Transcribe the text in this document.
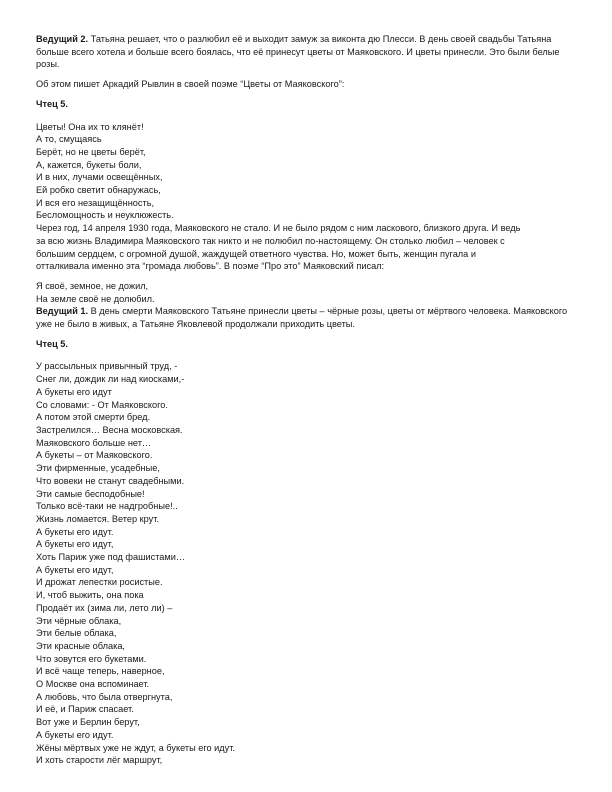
Ведущий 2. Татьяна решает, что о разлюбил её и выходит замуж за виконта дю Плесси. В день своей свадьбы Татьяна больше всего хотела и больше всего боялась, что её принесут цветы от Маяковского. И цветы принесли. Это были белые розы.

Об этом пишет Аркадий Рывлин в своей поэме “Цветы от Маяковского”:

Чтец 5.

Цветы! Она их то клянёт!
А то, смущаясь
Берёт, но не цветы берёт,
А, кажется, букеты боли,
И в них, лучами освещённых,
Ей робко светит обнаружась,
И вся его незащищённость,
Бесломощность и неуклюжесть.
Через год, 14 апреля 1930 года, Маяковского не стало. И не было рядом с ним ласкового, близкого друга. И ведь
за всю жизнь Владимира Маяковского так никто и не полюбил по-настоящему. Он столько любил – человек с
большим сердцем, с огромной душой, жаждущей ответного чувства. Но, может быть, женщин пугала и
отталкивала именно эта “громада любовь”. В поэме “Про это” Маяковский писал:
Я своё, земное, не дожил,
На земле своё не долюбил.

Ведущий 1. В день смерти Маяковского Татьяне принесли цветы – чёрные розы, цветы от мёртвого человека. Маяковского уже не было в живых, а Татьяне Яковлевой продолжали приходить цветы.

Чтец 5.

У рассыльных привычный труд, -
Снег ли, дождик ли над киосками,-
А букеты его идут
Со словами: - От Маяковского.
А потом этой смерти бред.
Застрелился… Весна московская.
Маяковского больше нет…
А букеты – от Маяковского.
Эти фирменные, усадебные,
Что вовеки не станут свадебными.
Эти самые бесподобные!
Только всё-таки не надгробные!..
Жизнь ломается. Ветер крут.
А букеты его идут.
А букеты его идут,
Хоть Париж уже под фашистами…
А букеты его идут,
И дрожат лепестки росистые.
И, чтоб выжить, она пока
Продаёт их (зима ли, лето ли) –
Эти чёрные облака,
Эти белые облака,
Эти красные облака,
Что зовутся его букетами.
И всё чаще теперь, наверное,
О Москве она вспоминает.
А любовь, что была отвергнута,
И её, и Париж спасает.
Вот уже и Берлин берут,
А букеты его идут.
Жёны мёртвых уже не ждут, а букеты его идут.
И хоть старости лёг маршрут,
